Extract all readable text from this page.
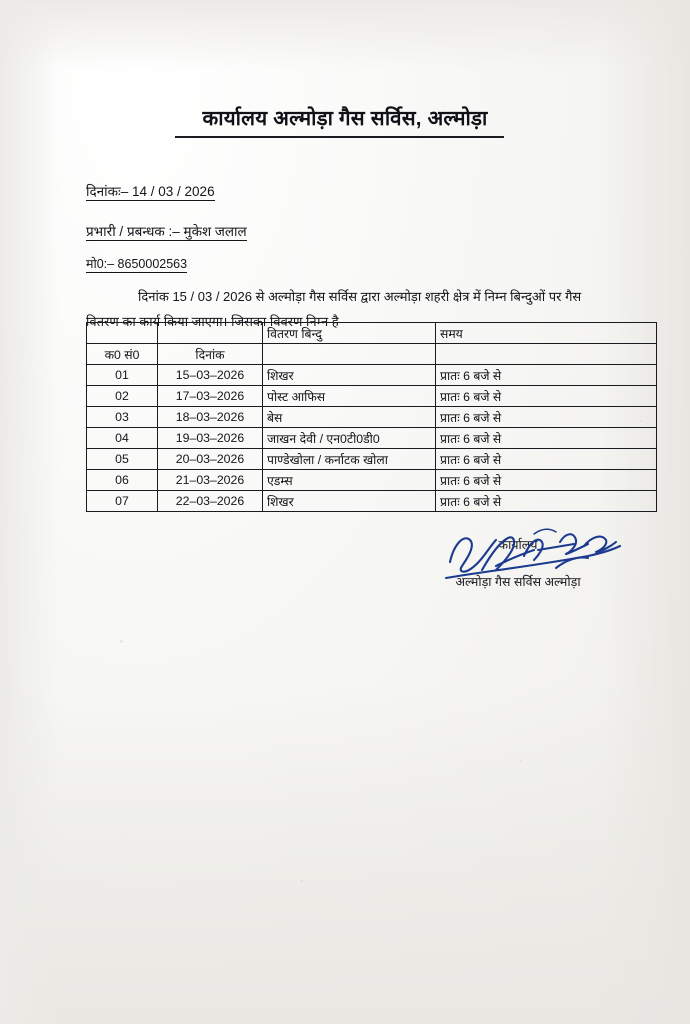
कार्यालय अल्मोड़ा गैस सर्विस, अल्मोड़ा
दिनांकः– 14 / 03 / 2026
प्रभारी / प्रबन्धक :– मुकेश जलाल
मो0:– 8650002563
दिनांक 15 / 03 / 2026 से अल्मोड़ा गैस सर्विस द्वारा अल्मोड़ा शहरी क्षेत्र में निम्न बिन्दुओं पर गैस वितरण का कार्य किया जाएगा। जिसका विवरण निम्न है–
		वितरण बिन्दु	समय
क0 सं0	दिनांक		
01	15–03–2026	शिखर	प्रातः 6 बजे से
02	17–03–2026	पोस्ट आफिस	प्रातः 6 बजे से
03	18–03–2026	बेस	प्रातः 6 बजे से
04	19–03–2026	जाखन देवी / एन0टी0डी0	प्रातः 6 बजे से
05	20–03–2026	पाण्डेखोला / कर्नाटक खोला	प्रातः 6 बजे से
06	21–03–2026	एडम्स	प्रातः 6 बजे से
07	22–03–2026	शिखर	प्रातः 6 बजे से
कार्यालय
अल्मोड़ा गैस सर्विस अल्मोड़ा
